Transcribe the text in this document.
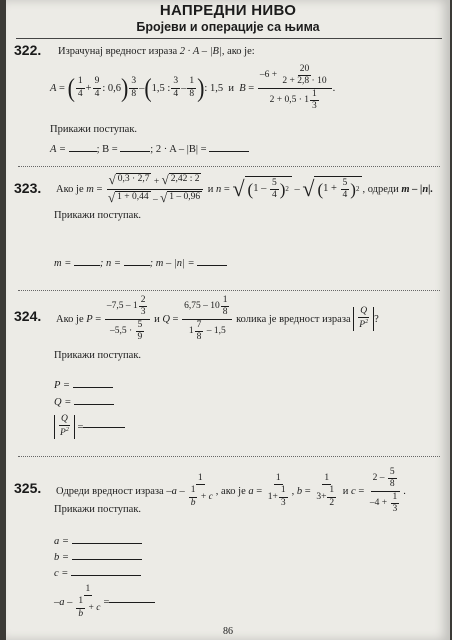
НАПРЕДНИ НИВО
Бројеви и операције са њима
322. Израчунај вредност израза 2 · A – |B|, ако је:
A = ( 1
4 +
9
4 : 0,6 ) 3
8 – ( 1,5 :
3
4 –
1
8 ) : 1,5  и B =
–6 +
20
2 + 2,8 · 10
2 + 0,5 · 1
1
3
.
Прикажи поступак.
A =	; B =	; 2 · A – |B| =
323. Ако је
m =
√ 0,3 · 2,7 + √ 2,42 : 2
√ 1 + 0,44 – √ 1 – 0,96

и
n = √ ( 1 –
5
4 ) 2 – √ ( 1 +
5
4 ) 2 , одреди
m – |n|.
Прикажи поступак.
m =	; n =	; m – |n| =
324. Ако је
P =
–7,5 – 1
2
3
–5,5 ·
5
9

и
Q =
6,75 – 10
1
8
1
7
8
– 1,5

колика је вредност израза
$\frac{Q}{P^2}$ ?
Прикажи поступак.
P =
Q =
$\frac{Q}{P^2}$
=
325. Одреди вредност израза
–a –
1
1
b
+ c , ако је
a =
1
1+
1
3
, b =
1
3+
1
2

и
c =
2 –
5
8
–4 +
1
3
.
Прикажи поступак.
a =
b =
c =
–a – 1
1
b
+ c =
86
